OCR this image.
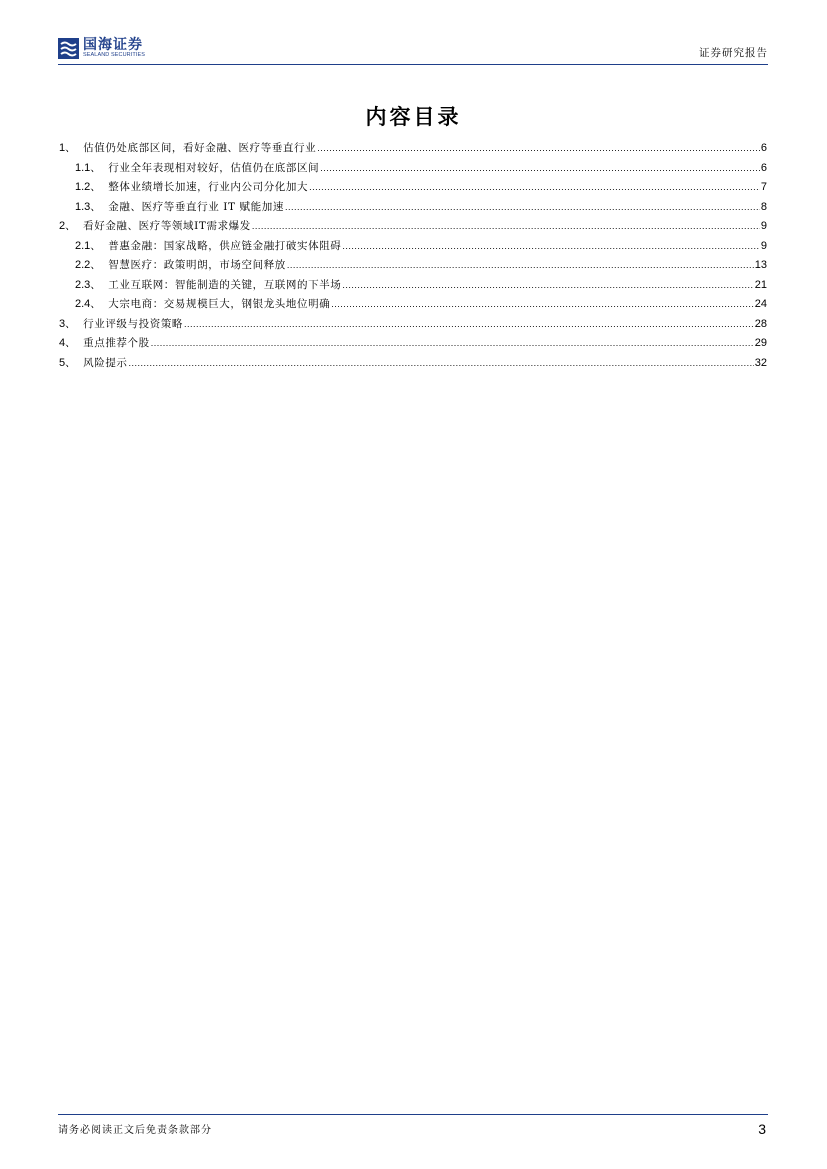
国海证券
SEALAND SECURITIES	证券研究报告
内容目录
1 、 估值仍处底部区间，看好金融、医疗等垂直行业 .....	6
1.1 、 行业全年表现相对较好，估值仍在底部区间 .....	6
1.2 、 整体业绩增长加速，行业内公司分化加大 .....	7
1.3 、 金融、医疗等垂直行业 IT 赋能加速 .....	8
2 、 看好金融、医疗等领域IT需求爆发 .....	9
2.1 、 普惠金融：国家战略，供应链金融打破实体阻碍 .....	9
2.2 、 智慧医疗：政策明朗，市场空间释放 .....	13
2.3 、 工业互联网：智能制造的关键，互联网的下半场 .....	21
2.4 、 大宗电商：交易规模巨大，钢银龙头地位明确 .....	24
3 、 行业评级与投资策略 .....	28
4 、 重点推荐个股 .....	29
5 、 风险提示 .....	32
请务必阅读正文后免责条款部分	3
